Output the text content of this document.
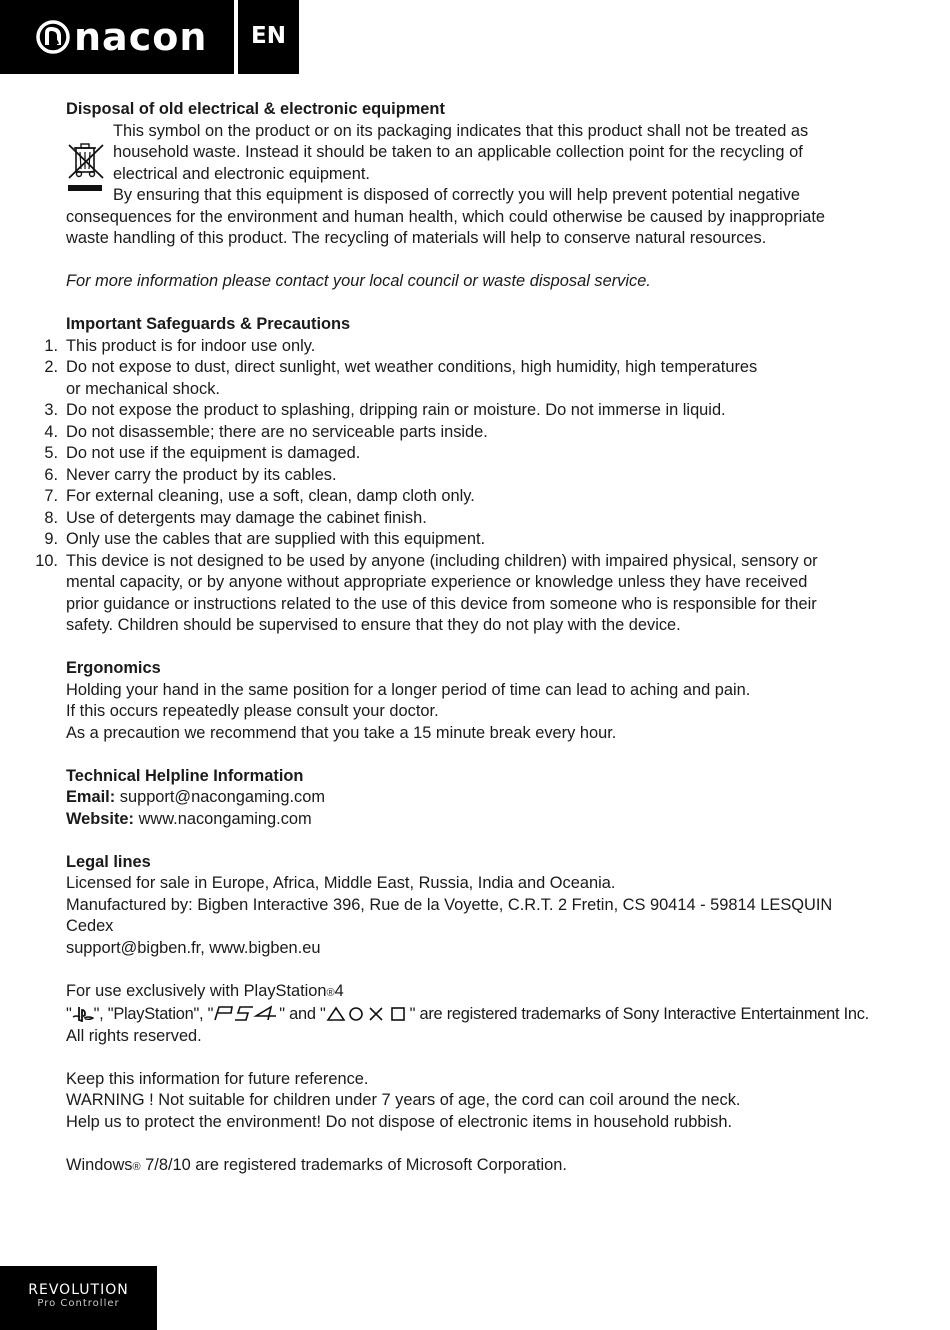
nacon	EN

Disposal of old electrical & electronic equipment

This symbol on the product or on its packaging indicates that this product shall not be treated as

household waste. Instead it should be taken to an applicable collection point for the recycling of

electrical and electronic equipment.

By ensuring that this equipment is disposed of correctly you will help prevent potential negative

consequences for the environment and human health, which could otherwise be caused by inappropriate

waste handling of this product. The recycling of materials will help to conserve natural resources.

For more information please contact your local council or waste disposal service.

Important Safeguards & Precautions

1. This product is for indoor use only.
2. Do not expose to dust, direct sunlight, wet weather conditions, high humidity, high temperatures
or mechanical shock.
3. Do not expose the product to splashing, dripping rain or moisture. Do not immerse in liquid.
4. Do not disassemble; there are no serviceable parts inside.
5. Do not use if the equipment is damaged.
6. Never carry the product by its cables.
7. For external cleaning, use a soft, clean, damp cloth only.
8. Use of detergents may damage the cabinet finish.
9. Only use the cables that are supplied with this equipment.
10. This device is not designed to be used by anyone (including children) with impaired physical, sensory or
mental capacity, or by anyone without appropriate experience or knowledge unless they have received
prior guidance or instructions related to the use of this device from someone who is responsible for their
safety. Children should be supervised to ensure that they do not play with the device.

Ergonomics

Holding your hand in the same position for a longer period of time can lead to aching and pain.

If this occurs repeatedly please consult your doctor.

As a precaution we recommend that you take a 15 minute break every hour.

Technical Helpline Information

Email: support@nacongaming.com

Website: www.nacongaming.com

Legal lines

Licensed for sale in Europe, Africa, Middle East, Russia, India and Oceania.

Manufactured by: Bigben Interactive 396, Rue de la Voyette, C.R.T. 2 Fretin, CS 90414 - 59814 LESQUIN

Cedex

support@bigben.fr, www.bigben.eu

For use exclusively with PlayStation®4

" ", "PlayStation", "	" and "	" are registered trademarks of Sony Interactive Entertainment Inc.

All rights reserved.

Keep this information for future reference.

WARNING ! Not suitable for children under 7 years of age, the cord can coil around the neck.

Help us to protect the environment! Do not dispose of electronic items in household rubbish.

Windows® 7/8/10 are registered trademarks of Microsoft Corporation.

REVOLUTION
Pro Controller
